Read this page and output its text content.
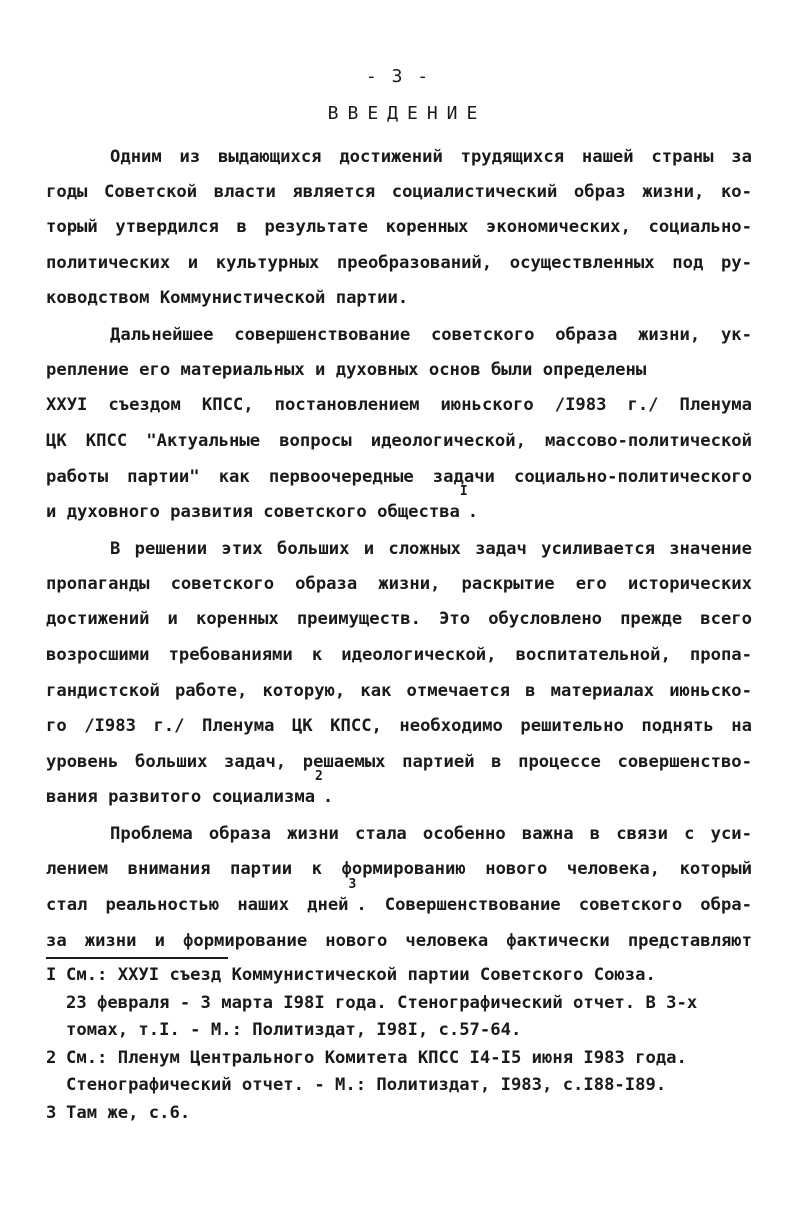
- 3 -
ВВЕДЕНИЕ
Одним из выдающихся достижений трудящихся нашей страны за
годы Советской власти является социалистический образ жизни, ко-
торый утвердился в результате коренных экономических, социально-
политических и культурных преобразований, осуществленных под ру-
ководством Коммунистической партии.
Дальнейшее совершенствование советского образа жизни, ук-
репление его материальных и духовных основ были определены
ХХУI съездом КПСС, постановлением июньского /I983 г./ Пленума
ЦК КПСС "Актуальные вопросы идеологической, массово-политической
работы партии" как первоочередные задачи социально-политического
и духовного развития советского общества$^I$.
В решении этих больших и сложных задач усиливается значение
пропаганды советского образа жизни, раскрытие его исторических
достижений и коренных преимуществ. Это обусловлено прежде всего
возросшими требованиями к идеологической, воспитательной, пропа-
гандистской работе, которую, как отмечается в материалах июньско-
го /I983 г./ Пленума ЦК КПСС, необходимо решительно поднять на
уровень больших задач, решаемых партией в процессе совершенство-
вания развитого социализма$^2$.
Проблема образа жизни стала особенно важна в связи с уси-
лением внимания партии к формированию нового человека, который
стал реальностью наших дней$^3$. Совершенствование советского обра-
за жизни и формирование нового человека фактически представляют
I См.: ХХУI съезд Коммунистической партии Советского Союза.
23 февраля - 3 марта I98I года. Стенографический отчет. В 3-х
томах, т.I. - М.: Политиздат, I98I, с.57-64.
2 См.: Пленум Центрального Комитета КПСС I4-I5 июня I983 года.
Стенографический отчет. - М.: Политиздат, I983, с.I88-I89.
3 Там же, с.6.
